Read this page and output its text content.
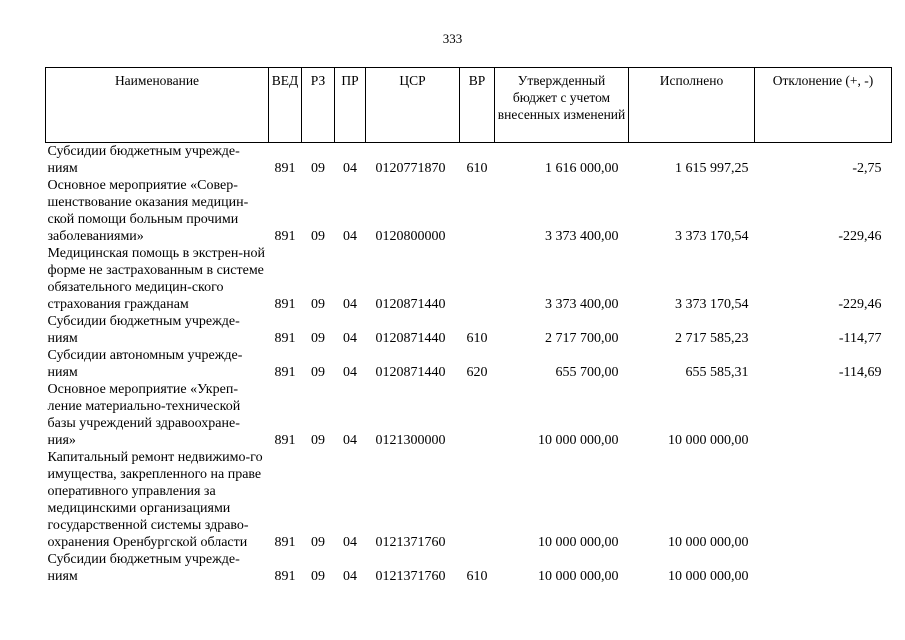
333
Наименование	ВЕД	РЗ	ПР	ЦСР	ВР	Утвержденный бюджет с учетом внесенных изменений	Исполнено	Отклонение (+, -)
Субсидии бюджетным учрежде-ниям	891	09	04	0120771870	610	1 616 000,00	1 615 997,25	-2,75
Основное мероприятие «Совер-шенствование оказания медицин-ской помощи больным прочими заболеваниями»	891	09	04	0120800000		3 373 400,00	3 373 170,54	-229,46
Медицинская помощь в экстрен-ной форме не застрахованным в системе обязательного медицин-ского страхования гражданам	891	09	04	0120871440		3 373 400,00	3 373 170,54	-229,46
Субсидии бюджетным учрежде-ниям	891	09	04	0120871440	610	2 717 700,00	2 717 585,23	-114,77
Субсидии автономным учрежде-ниям	891	09	04	0120871440	620	655 700,00	655 585,31	-114,69
Основное мероприятие «Укреп-ление материально-технической базы учреждений здравоохране-ния»	891	09	04	0121300000		10 000 000,00	10 000 000,00	
Капитальный ремонт недвижимо-го имущества, закрепленного на праве оперативного управления за медицинскими организациями государственной системы здраво-охранения Оренбургской области	891	09	04	0121371760		10 000 000,00	10 000 000,00	
Субсидии бюджетным учрежде-ниям	891	09	04	0121371760	610	10 000 000,00	10 000 000,00	
